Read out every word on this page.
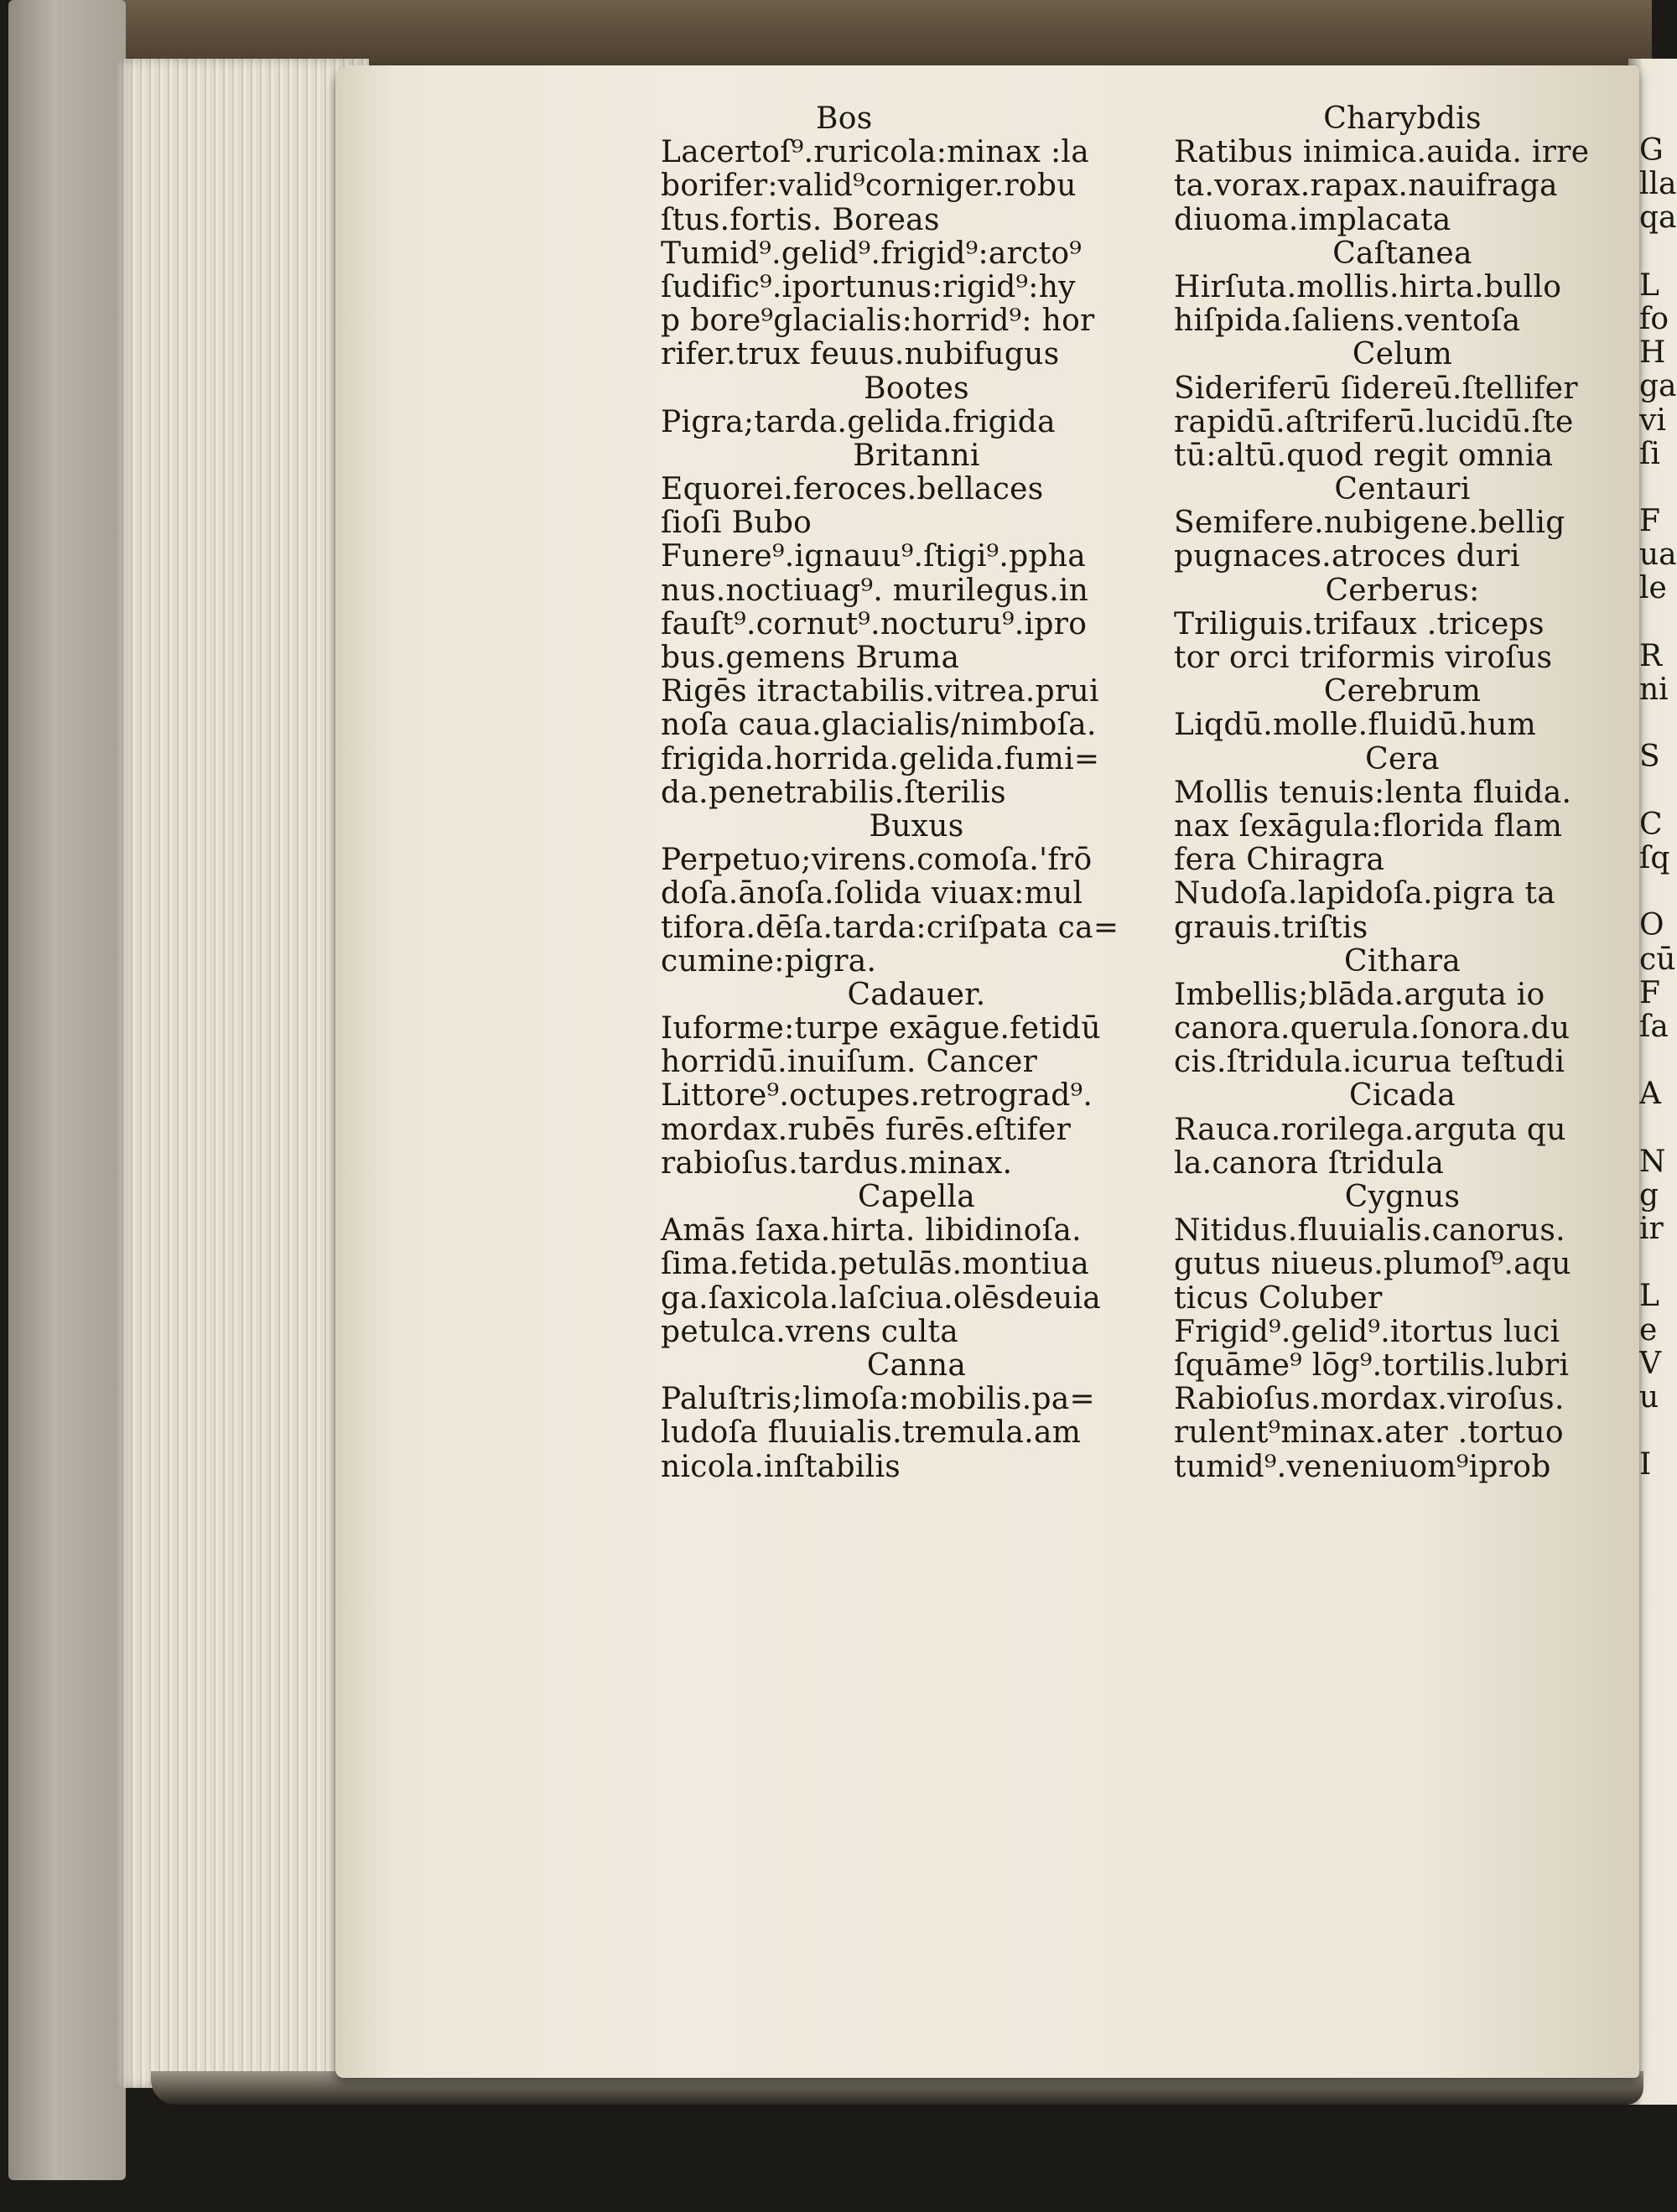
Bos
Lacertoſ⁹.ruricola:minax :la
borifer:valid⁹corniger.robu
ſtus.fortis. Boreas
Tumid⁹.gelid⁹.frigid⁹:arcto⁹
ſudific⁹.iportunus:rigid⁹:hy
p bore⁹glacialis:horrid⁹: hor
rifer.trux feuus.nubifugus
Bootes
Pigra;tarda.gelida.frigida
Britanni
Equorei.feroces.bellaces
ſioſi Bubo
Funere⁹.ignauu⁹.ſtigi⁹.ppha
nus.noctiuag⁹. murilegus.in
fauſt⁹.cornut⁹.nocturu⁹.ipro
bus.gemens Bruma
Rigēs itractabilis.vitrea.prui
noſa caua.glacialis/nimboſa.
frigida.horrida.gelida.fumi=
da.penetrabilis.ſterilis
Buxus
Perpetuo;virens.comoſa.'frō
doſa.ānoſa.ſolida viuax:mul
tifora.dēſa.tarda:criſpata ca=
cumine:pigra.
Cadauer.
Iuforme:turpe exāgue.fetidū
horridū.inuiſum. Cancer
Littore⁹.octupes.retrograd⁹.
mordax.rubēs furēs.eſtifer
rabioſus.tardus.minax.
Capella
Amās ſaxa.hirta. libidinoſa.
ſima.fetida.petulās.montiua
ga.ſaxicola.laſciua.olēsdeuia
petulca.vrens culta
Canna
Paluſtris;limoſa:mobilis.pa=
ludoſa fluuialis.tremula.am
nicola.inſtabilis
Charybdis
Ratibus inimica.auida. irre
ta.vorax.rapax.nauifraga
diuoma.implacata
Caſtanea
Hirſuta.mollis.hirta.bullo
hiſpida.ſaliens.ventoſa
Celum
Sideriferū ſidereū.ſtellifer
rapidū.aſtriferū.lucidū.ſte
tū:altū.quod regit omnia
Centauri
Semifere.nubigene.bellig
pugnaces.atroces duri
Cerberus:
Triliguis.trifaux .triceps
tor orci triformis viroſus
Cerebrum
Liqdū.molle.fluidū.hum
Cera
Mollis tenuis:lenta fluida.
nax ſexāgula:florida flam
fera Chiragra
Nudoſa.lapidoſa.pigra ta
grauis.triſtis
Cithara
Imbellis;blāda.arguta io
canora.querula.ſonora.du
cis.ſtridula.icurua teſtudi
Cicada
Rauca.rorilega.arguta qu
la.canora ſtridula
Cygnus
Nitidus.fluuialis.canorus.
gutus niueus.plumoſ⁹.aqu
ticus Coluber
Frigid⁹.gelid⁹.itortus luci
ſquāme⁹ lōg⁹.tortilis.lubri
Rabioſus.mordax.viroſus.
rulent⁹minax.ater .tortuo
tumid⁹.veneniuom⁹iprob
G
lla
qa
L
fo
H
ga
vi
ſi
F
ua
le
R
ni
S
C
ſq
O
cū
F
ſa
A
N
g
ir
L
e
V
u
I
